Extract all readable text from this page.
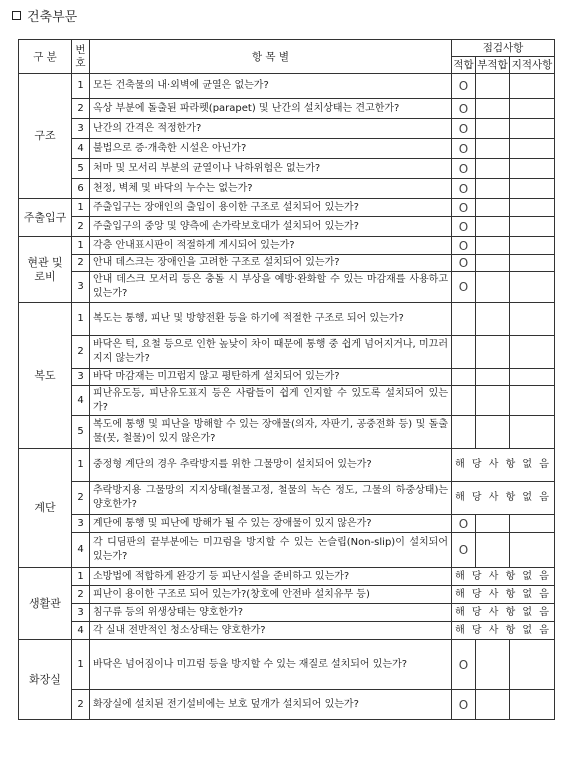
건축부문
구 분	번호	항 목 별	점검사항		
			적합	부적합	지적사항
구조	1	모든 건축물의 내·외벽에 균열은 없는가?	O		
	2	옥상 부분에 돌출된 파라펫(parapet) 및 난간의 설치상태는 견고한가?	O		
	3	난간의 간격은 적정한가?	O		
	4	불법으로 증·개축한 시설은 아닌가?	O		
	5	처마 및 모서리 부분의 균열이나 낙하위험은 없는가?	O		
	6	천정, 벽체 및 바닥의 누수는 없는가?	O		
주출입구	1	주출입구는 장애인의 출입이 용이한 구조로 설치되어 있는가?	O		
	2	주출입구의 중앙 및 양측에 손가락보호대가 설치되어 있는가?	O		
현관 및 로비	1	각층 안내표시판이 적절하게 게시되어 있는가?	O		
	2	안내 데스크는 장애인을 고려한 구조로 설치되어 있는가?	O		
	3	안내 데스크 모서리 등은 충돌 시 부상을 예방·완화할 수 있는 마감재를 사용하고 있는가?	O		
복도	1	복도는 통행, 피난 및 방향전환 등을 하기에 적절한 구조로 되어 있는가?			
	2	바닥은 턱, 요철 등으로 인한 높낮이 차이 때문에 통행 중 쉽게 넘어지거나, 미끄러지지 않는가?			
	3	바닥 마감재는 미끄럽지 않고 평탄하게 설치되어 있는가?			
	4	피난유도등, 피난유도표지 등은 사람들이 쉽게 인지할 수 있도록 설치되어 있는가?			
	5	복도에 통행 및 피난을 방해할 수 있는 장애물(의자, 자판기, 공중전화 등) 및 돌출물(못, 철물)이 있지 않은가?			
계단	1	중정형 계단의 경우 추락방지를 위한 그물망이 설치되어 있는가?	해 당 사 항 없 음		
	2	추락방지용 그물망의 지지상태(철물고정, 철물의 녹슨 정도, 그물의 하중상태)는 양호한가?	해 당 사 항 없 음		
	3	계단에 통행 및 피난에 방해가 될 수 있는 장애물이 있지 않은가?	O		
	4	각 디딤판의 끝부분에는 미끄럼을 방지할 수 있는 논슬립(Non-slip)이 설치되어 있는가?	O		
생활관	1	소방법에 적합하게 완강기 등 피난시설을 준비하고 있는가?	해 당 사 항 없 음		
	2	피난이 용이한 구조로 되어 있는가?(창호에 안전바 설치유무 등)	해 당 사 항 없 음		
	3	침구류 등의 위생상태는 양호한가?	해 당 사 항 없 음		
	4	각 실내 전반적인 청소상태는 양호한가?	해 당 사 항 없 음		
화장실	1	바닥은 넘어짐이나 미끄럼 등을 방지할 수 있는 재질로 설치되어 있는가?	O		
	2	화장실에 설치된 전기설비에는 보호 덮개가 설치되어 있는가?	O		
